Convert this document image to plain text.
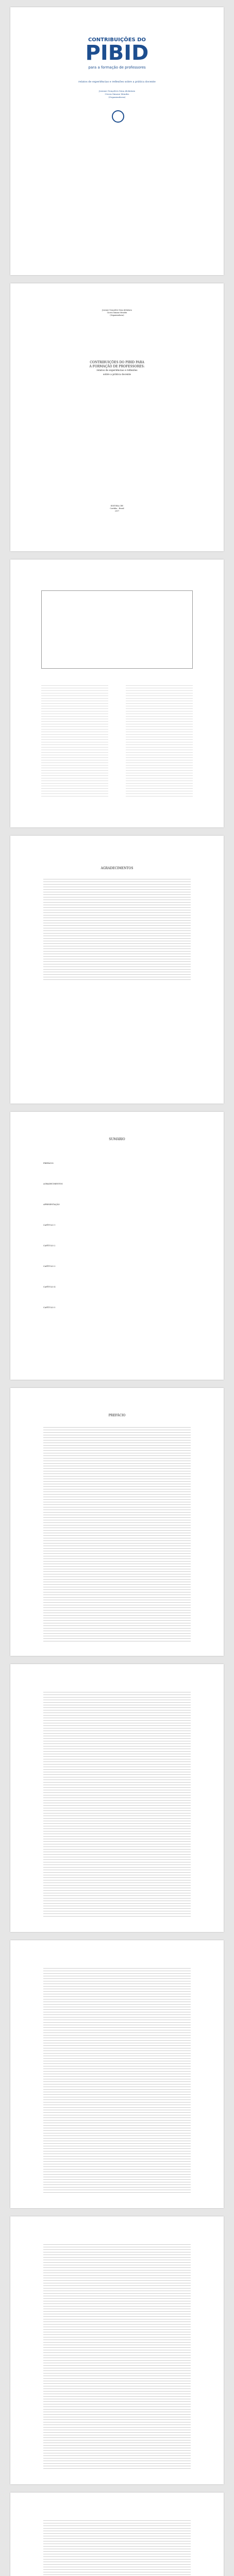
CONTRIBUIÇÕES DO
PIBID
para a formação de professores
relatos de experiências e reflexões sobre a prática docente
Joseane Gonçalves Sena Alcântara
Cícera Simone Mendes
(Organizadoras)
Joseane Gonçalves Sena Alcântara
Cícera Simone Mendes
(Organizadoras)
CONTRIBUIÇÕES DO PIBID PARA
A FORMAÇÃO DE PROFESSORES:
relatos de experiências e reflexões
sobre a prática docente
EDITORA CRV
Curitiba – Brasil
2017
AGRADECIMENTOS
SUMÁRIO
PREFÁCIO
AGRADECIMENTOS
APRESENTAÇÃO
CAPÍTULO 1
CAPÍTULO 2
CAPÍTULO 3
CAPÍTULO 4
CAPÍTULO 5
PREFÁCIO
